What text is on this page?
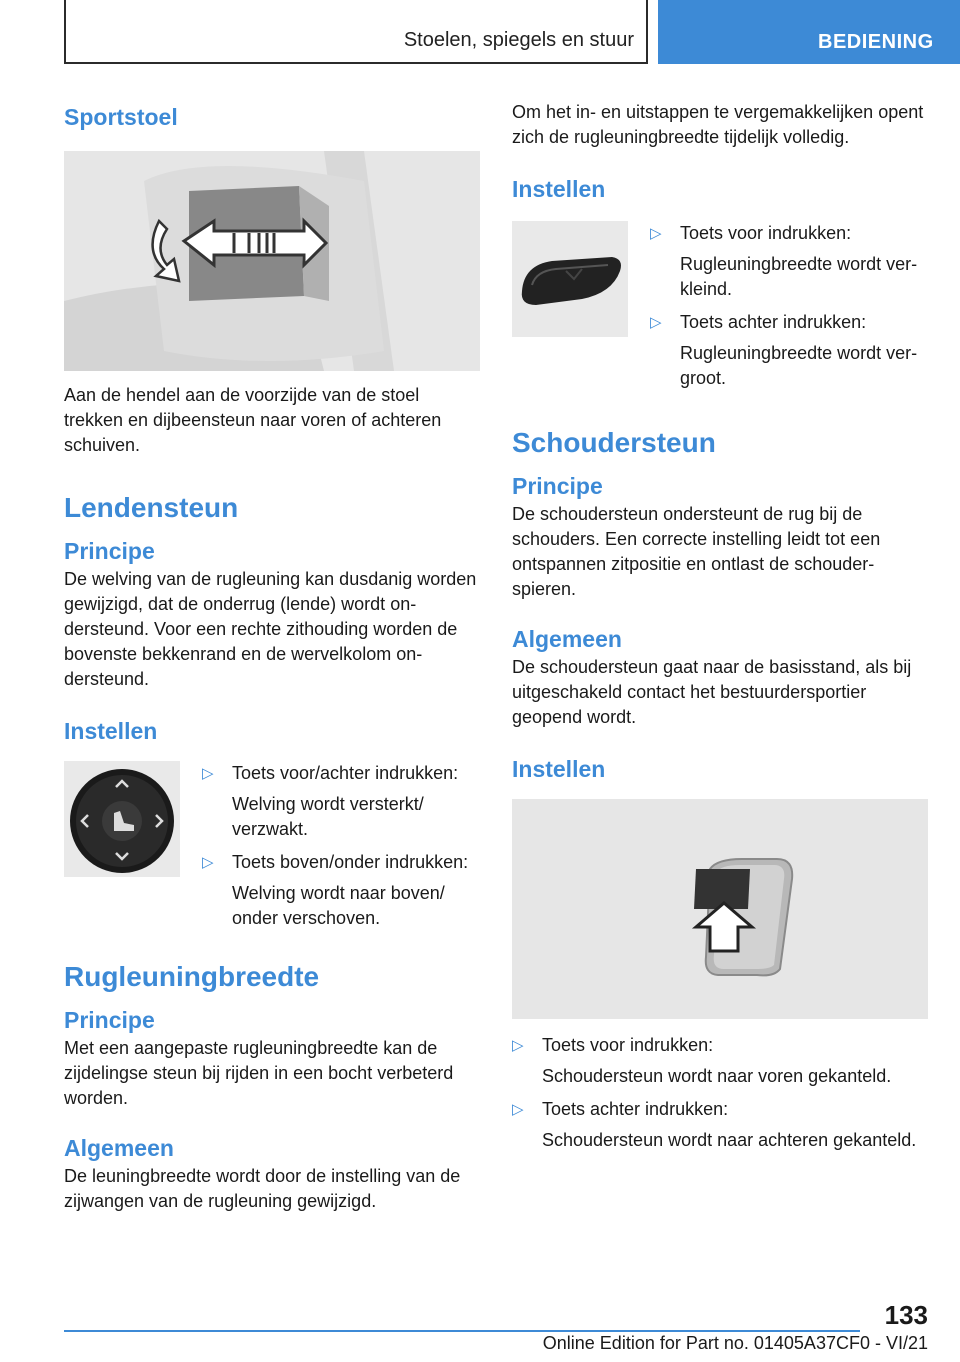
Stoelen, spiegels en stuur	BEDIENING
Sportstoel

Aan de hendel aan de voorzijde van de stoel trekken en dijbeensteun naar voren of achteren schuiven.

Lendensteun
Principe

De welving van de rugleuning kan dusdanig worden gewijzigd, dat de onderrug (lende) wordt ondersteund. Voor een rechte zithouding worden de bovenste bekkenrand en de wervelkolom ondersteund.

Instellen
▷	Toets voor/achter indrukken:

Welving wordt versterkt/ verzwakt.

▷	Toets boven/onder indrukken:

Welving wordt naar boven/ onder verschoven.

Rugleuningbreedte
Principe

Met een aangepaste rugleuningbreedte kan de zijdelingse steun bij rijden in een bocht verbeterd worden.

Algemeen

De leuningbreedte wordt door de instelling van de zijwangen van de rugleuning gewijzigd.

Om het in- en uitstappen te vergemakkelijken opent zich de rugleuningbreedte tijdelijk volledig.

Instellen
▷	Toets voor indrukken:

Rugleuningbreedte wordt verkleind.

▷	Toets achter indrukken:

Rugleuningbreedte wordt vergroot.

Schoudersteun
Principe

De schoudersteun ondersteunt de rug bij de schouders. Een correcte instelling leidt tot een ontspannen zitpositie en ontlast de schouderspieren.

Algemeen

De schoudersteun gaat naar de basisstand, als bij uitgeschakeld contact het bestuurdersportier geopend wordt.

Instellen
▷	Toets voor indrukken:

Schoudersteun wordt naar voren gekanteld.

▷	Toets achter indrukken:

Schoudersteun wordt naar achteren gekanteld.

133
Online Edition for Part no. 01405A37CF0 - VI/21
